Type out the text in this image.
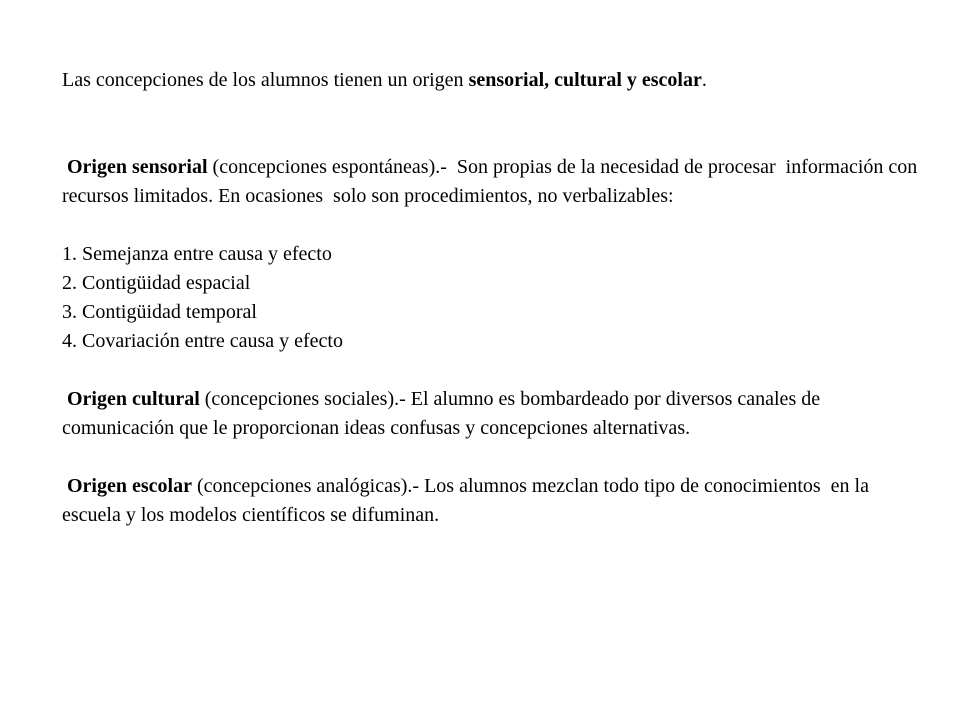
Las concepciones de los alumnos tienen un origen sensorial, cultural y escolar.

Origen sensorial (concepciones espontáneas).-  Son propias de la necesidad de procesar  información con recursos limitados. En ocasiones  solo son procedimientos, no verbalizables:

1. Semejanza entre causa y efecto
2. Contigüidad espacial
3. Contigüidad temporal
4. Covariación entre causa y efecto

Origen cultural (concepciones sociales).- El alumno es bombardeado por diversos canales de comunicación que le proporcionan ideas confusas y concepciones alternativas.

Origen escolar (concepciones analógicas).- Los alumnos mezclan todo tipo de conocimientos  en la escuela y los modelos científicos se difuminan.
